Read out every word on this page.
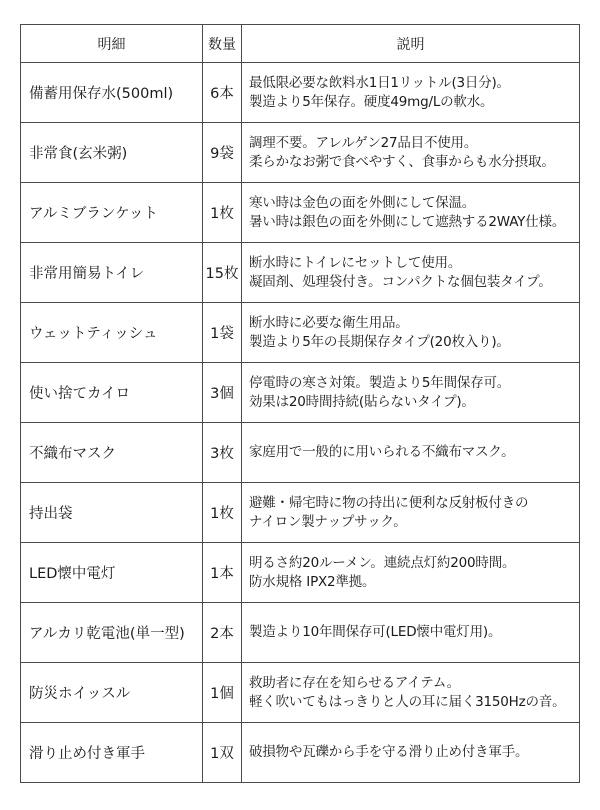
明細	数量	説明
備蓄用保存水(500ml)	6本	最低限必要な飲料水1日1リットル(3日分)。
製造より5年保存。硬度49mg/Lの軟水。

非常食(玄米粥)	9袋	調理不要。アレルゲン27品目不使用。
柔らかなお粥で食べやすく、食事からも水分摂取。

アルミブランケット	1枚	寒い時は金色の面を外側にして保温。
暑い時は銀色の面を外側にして遮熱する2WAY仕様。

非常用簡易トイレ	15枚	断水時にトイレにセットして使用。
凝固剤、処理袋付き。コンパクトな個包装タイプ。

ウェットティッシュ	1袋	断水時に必要な衛生用品。
製造より5年の長期保存タイプ(20枚入り)。

使い捨てカイロ	3個	停電時の寒さ対策。製造より5年間保存可。
効果は20時間持続(貼らないタイプ)。

不織布マスク	3枚	家庭用で一般的に用いられる不織布マスク。

持出袋	1枚	避難・帰宅時に物の持出に便利な反射板付きの
ナイロン製ナップサック。

LED懐中電灯	1本	明るさ約20ルーメン。連続点灯約200時間。
防水規格 IPX2準拠。

アルカリ乾電池(単一型)	2本	製造より10年間保存可(LED懐中電灯用)。

防災ホイッスル	1個	救助者に存在を知らせるアイテム。
軽く吹いてもはっきりと人の耳に届く3150Hzの音。

滑り止め付き軍手	1双	破損物や瓦礫から手を守る滑り止め付き軍手。
